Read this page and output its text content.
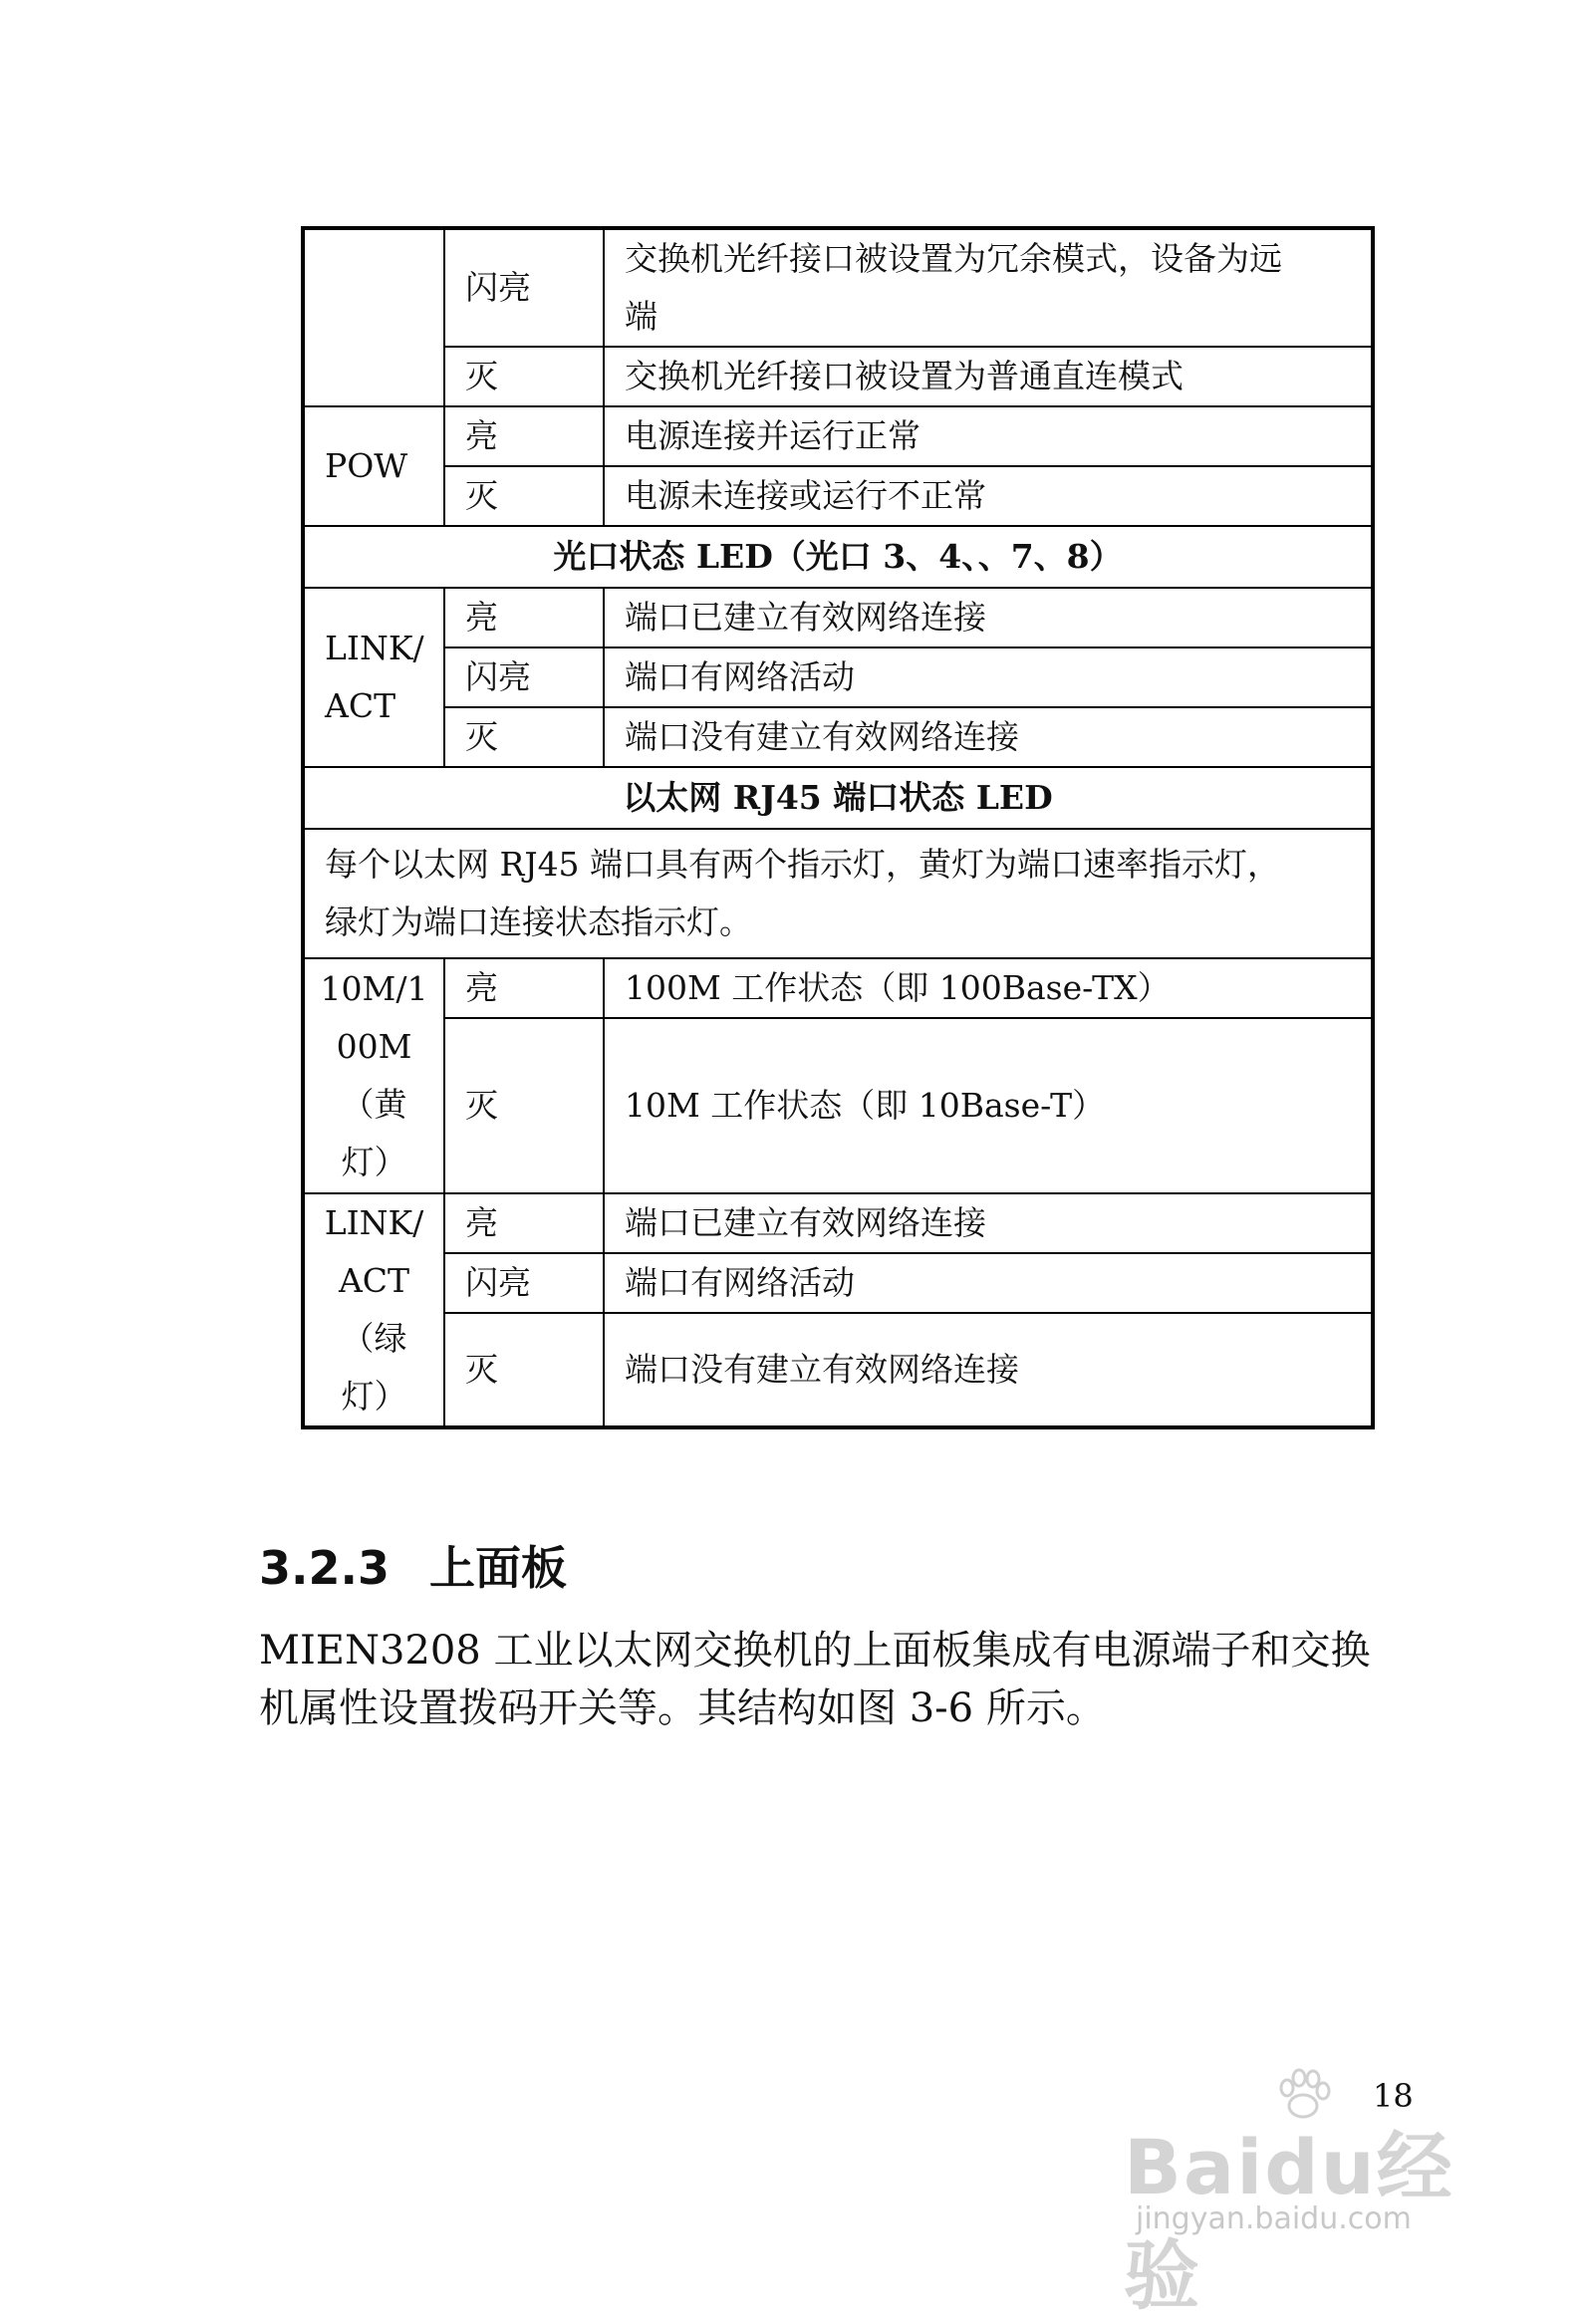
	闪亮	交换机光纤接口被设置为冗余模式，设备为远
端

	灭	交换机光纤接口被设置为普通直连模式
POW	亮	电源连接并运行正常
	灭	电源未连接或运行不正常
光口状态 LED（光口 3、4、、7、8）		

LINK/
ACT	亮	端口已建立有效网络连接
	闪亮	端口有网络活动
	灭	端口没有建立有效网络连接
以太网 RJ45 端口状态 LED		

每个以太网 RJ45 端口具有两个指示灯，黄灯为端口速率指示灯，
绿灯为端口连接状态指示灯。		

10M/1
00M
（黄
灯）	亮	100M 工作状态（即 100Base-TX）
	灭	10M 工作状态（即 10Base-T）

LINK/
ACT
（绿
灯）	亮	端口已建立有效网络连接
	闪亮	端口有网络活动
	灭	端口没有建立有效网络连接
3.2.3 上面板
MIEN3208 工业以太网交换机的上面板集成有电源端子和交换
机属性设置拨码开关等。其结构如图 3-6 所示。
18
Baidu经验
jingyan.baidu.com
